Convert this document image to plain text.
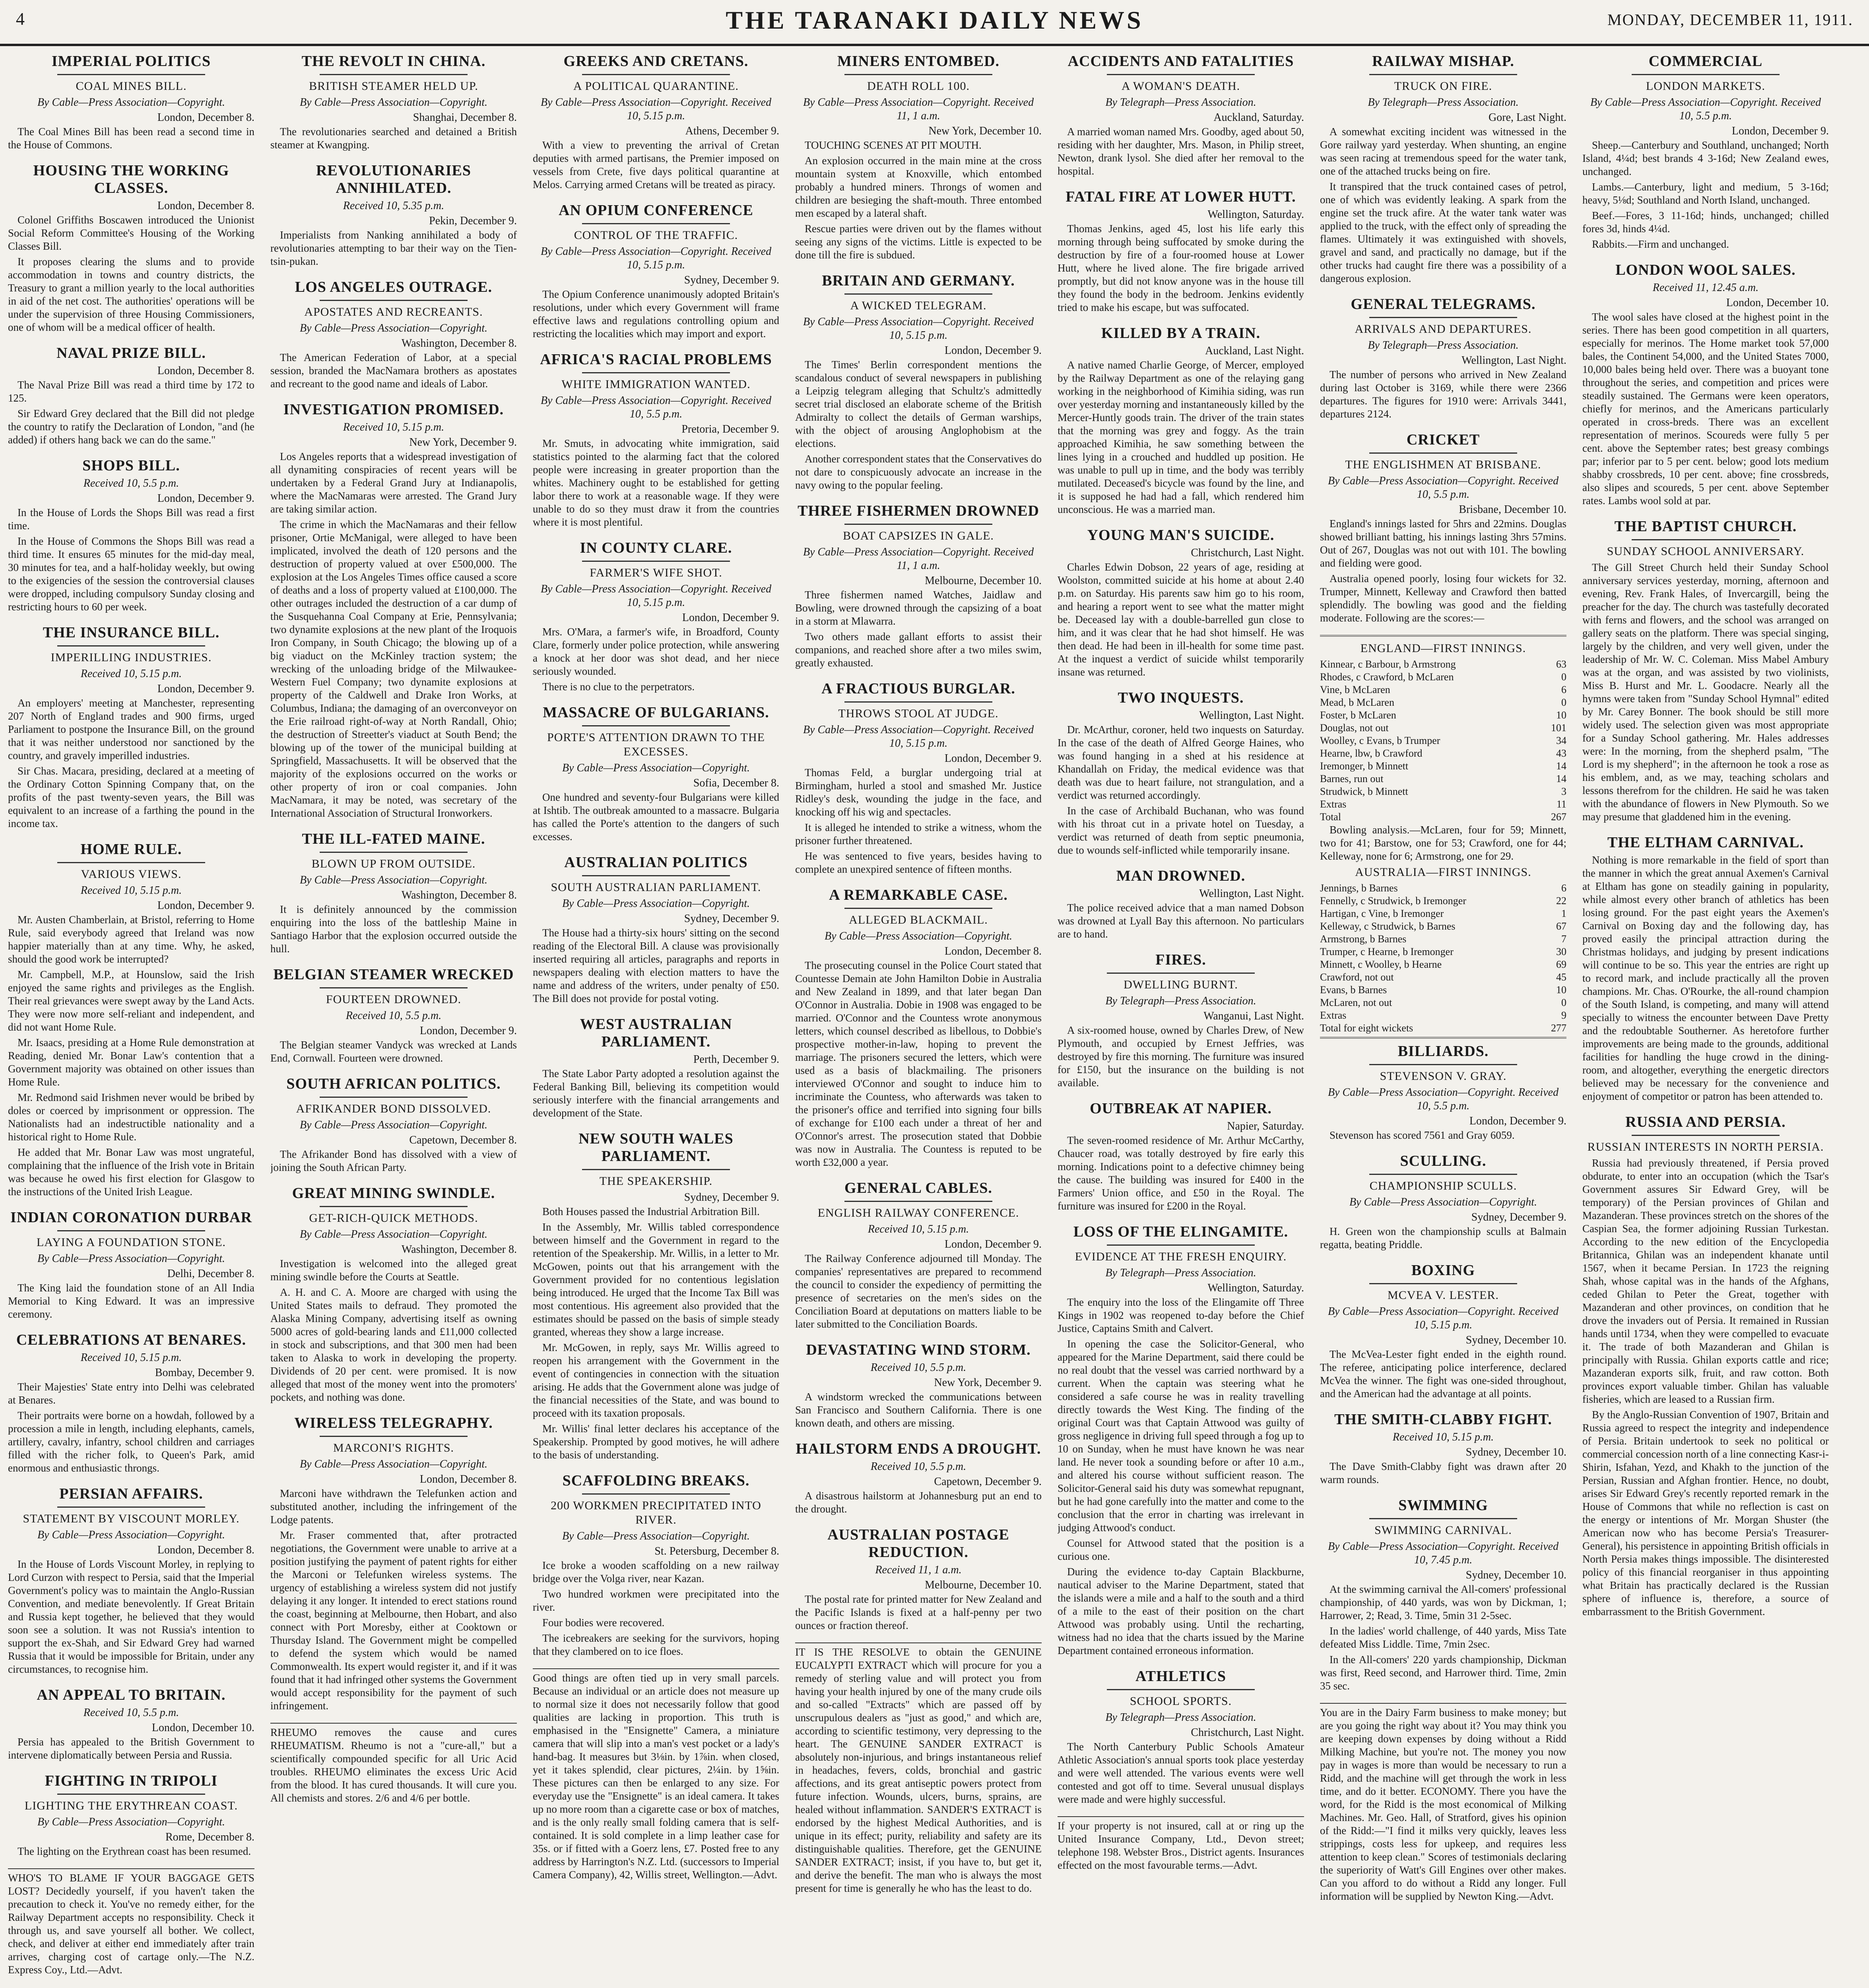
4	THE TARANAKI DAILY NEWS	MONDAY, DECEMBER 11, 1911.
IMPERIAL POLITICS
COAL MINES BILL.
By Cable—Press Association—Copyright.
London, December 8.

The Coal Mines Bill has been read a second time in the House of Commons.

HOUSING THE WORKING CLASSES.
London, December 8.

Colonel Griffiths Boscawen introduced the Unionist Social Reform Committee's Housing of the Working Classes Bill.

It proposes clearing the slums and to provide accommodation in towns and country districts, the Treasury to grant a million yearly to the local authorities in aid of the net cost. The authorities' operations will be under the supervision of three Housing Commissioners, one of whom will be a medical officer of health.

NAVAL PRIZE BILL.
London, December 8.

The Naval Prize Bill was read a third time by 172 to 125.

Sir Edward Grey declared that the Bill did not pledge the country to ratify the Declaration of London, "and (he added) if others hang back we can do the same."

SHOPS BILL.
Received 10, 5.5 p.m.
London, December 9.

In the House of Lords the Shops Bill was read a first time.

In the House of Commons the Shops Bill was read a third time. It ensures 65 minutes for the mid-day meal, 30 minutes for tea, and a half-holiday weekly, but owing to the exigencies of the session the controversial clauses were dropped, including compulsory Sunday closing and restricting hours to 60 per week.

THE INSURANCE BILL.
IMPERILLING INDUSTRIES.
Received 10, 5.15 p.m.
London, December 9.

An employers' meeting at Manchester, representing 207 North of England trades and 900 firms, urged Parliament to postpone the Insurance Bill, on the ground that it was neither understood nor sanctioned by the country, and gravely imperilled industries.

Sir Chas. Macara, presiding, declared at a meeting of the Ordinary Cotton Spinning Company that, on the profits of the past twenty-seven years, the Bill was equivalent to an increase of a farthing the pound in the income tax.

HOME RULE.
VARIOUS VIEWS.
Received 10, 5.15 p.m.
London, December 9.

Mr. Austen Chamberlain, at Bristol, referring to Home Rule, said everybody agreed that Ireland was now happier materially than at any time. Why, he asked, should the good work be interrupted?

Mr. Campbell, M.P., at Hounslow, said the Irish enjoyed the same rights and privileges as the English. Their real grievances were swept away by the Land Acts. They were now more self-reliant and independent, and did not want Home Rule.

Mr. Isaacs, presiding at a Home Rule demonstration at Reading, denied Mr. Bonar Law's contention that a Government majority was obtained on other issues than Home Rule.

Mr. Redmond said Irishmen never would be bribed by doles or coerced by imprisonment or oppression. The Nationalists had an indestructible nationality and a historical right to Home Rule.

He added that Mr. Bonar Law was most ungrateful, complaining that the influence of the Irish vote in Britain was because he owed his first election for Glasgow to the instructions of the United Irish League.

INDIAN CORONATION DURBAR
LAYING A FOUNDATION STONE.
By Cable—Press Association—Copyright.
Delhi, December 8.

The King laid the foundation stone of an All India Memorial to King Edward. It was an impressive ceremony.

CELEBRATIONS AT BENARES.
Received 10, 5.15 p.m.
Bombay, December 9.

Their Majesties' State entry into Delhi was celebrated at Benares.

Their portraits were borne on a howdah, followed by a procession a mile in length, including elephants, camels, artillery, cavalry, infantry, school children and carriages filled with the richer folk, to Queen's Park, amid enormous and enthusiastic throngs.

PERSIAN AFFAIRS.
STATEMENT BY VISCOUNT MORLEY.
By Cable—Press Association—Copyright.
London, December 8.

In the House of Lords Viscount Morley, in replying to Lord Curzon with respect to Persia, said that the Imperial Government's policy was to maintain the Anglo-Russian Convention, and mediate benevolently. If Great Britain and Russia kept together, he believed that they would soon see a solution. It was not Russia's intention to support the ex-Shah, and Sir Edward Grey had warned Russia that it would be impossible for Britain, under any circumstances, to recognise him.

AN APPEAL TO BRITAIN.
Received 10, 5.5 p.m.
London, December 10.

Persia has appealed to the British Government to intervene diplomatically between Persia and Russia.

FIGHTING IN TRIPOLI
LIGHTING THE ERYTHREAN COAST.
By Cable—Press Association—Copyright.
Rome, December 8.

The lighting on the Erythrean coast has been resumed.

WHO'S TO BLAME IF YOUR BAGGAGE GETS LOST? Decidedly yourself, if you haven't taken the precaution to check it. You've no remedy either, for the Railway Department accepts no responsibility. Check it through us, and save yourself all bother. We collect, check, and deliver at either end immediately after train arrives, charging cost of cartage only.—The N.Z. Express Coy., Ltd.—Advt.

THE REVOLT IN CHINA.
BRITISH STEAMER HELD UP.
By Cable—Press Association—Copyright.
Shanghai, December 8.

The revolutionaries searched and detained a British steamer at Kwangping.

REVOLUTIONARIES ANNIHILATED.
Received 10, 5.35 p.m.
Pekin, December 9.

Imperialists from Nanking annihilated a body of revolutionaries attempting to bar their way on the Tien-tsin-pukan.

LOS ANGELES OUTRAGE.
APOSTATES AND RECREANTS.
By Cable—Press Association—Copyright.
Washington, December 8.

The American Federation of Labor, at a special session, branded the MacNamara brothers as apostates and recreant to the good name and ideals of Labor.

INVESTIGATION PROMISED.
Received 10, 5.15 p.m.
New York, December 9.

Los Angeles reports that a widespread investigation of all dynamiting conspiracies of recent years will be undertaken by a Federal Grand Jury at Indianapolis, where the MacNamaras were arrested. The Grand Jury are taking similar action.

The crime in which the MacNamaras and their fellow prisoner, Ortie McManigal, were alleged to have been implicated, involved the death of 120 persons and the destruction of property valued at over £500,000. The explosion at the Los Angeles Times office caused a score of deaths and a loss of property valued at £100,000. The other outrages included the destruction of a car dump of the Susquehanna Coal Company at Erie, Pennsylvania; two dynamite explosions at the new plant of the Iroquois Iron Company, in South Chicago; the blowing up of a big viaduct on the McKinley traction system; the wrecking of the unloading bridge of the Milwaukee-Western Fuel Company; two dynamite explosions at property of the Caldwell and Drake Iron Works, at Columbus, Indiana; the damaging of an overconveyor on the Erie railroad right-of-way at North Randall, Ohio; the destruction of Streetter's viaduct at South Bend; the blowing up of the tower of the municipal building at Springfield, Massachusetts. It will be observed that the majority of the explosions occurred on the works or other property of iron or coal companies. John MacNamara, it may be noted, was secretary of the International Association of Structural Ironworkers.

THE ILL-FATED MAINE.
BLOWN UP FROM OUTSIDE.
By Cable—Press Association—Copyright.
Washington, December 8.

It is definitely announced by the commission enquiring into the loss of the battleship Maine in Santiago Harbor that the explosion occurred outside the hull.

BELGIAN STEAMER WRECKED
FOURTEEN DROWNED.
Received 10, 5.5 p.m.
London, December 9.

The Belgian steamer Vandyck was wrecked at Lands End, Cornwall. Fourteen were drowned.

SOUTH AFRICAN POLITICS.
AFRIKANDER BOND DISSOLVED.
By Cable—Press Association—Copyright.
Capetown, December 8.

The Afrikander Bond has dissolved with a view of joining the South African Party.

GREAT MINING SWINDLE.
GET-RICH-QUICK METHODS.
By Cable—Press Association—Copyright.
Washington, December 8.

Investigation is welcomed into the alleged great mining swindle before the Courts at Seattle.

A. H. and C. A. Moore are charged with using the United States mails to defraud. They promoted the Alaska Mining Company, advertising itself as owning 5000 acres of gold-bearing lands and £11,000 collected in stock and subscriptions, and that 300 men had been taken to Alaska to work in developing the property. Dividends of 20 per cent. were promised. It is now alleged that most of the money went into the promoters' pockets, and nothing was done.

WIRELESS TELEGRAPHY.
MARCONI'S RIGHTS.
By Cable—Press Association—Copyright.
London, December 8.

Marconi have withdrawn the Telefunken action and substituted another, including the infringement of the Lodge patents.

Mr. Fraser commented that, after protracted negotiations, the Government were unable to arrive at a position justifying the payment of patent rights for either the Marconi or Telefunken wireless systems. The urgency of establishing a wireless system did not justify delaying it any longer. It intended to erect stations round the coast, beginning at Melbourne, then Hobart, and also connect with Port Moresby, either at Cooktown or Thursday Island. The Government might be compelled to defend the system which would be named Commonwealth. Its expert would register it, and if it was found that it had infringed other systems the Government would accept responsibility for the payment of such infringement.

RHEUMO removes the cause and cures RHEUMATISM. Rheumo is not a "cure-all," but a scientifically compounded specific for all Uric Acid troubles. RHEUMO eliminates the excess Uric Acid from the blood. It has cured thousands. It will cure you. All chemists and stores. 2/6 and 4/6 per bottle.

GREEKS AND CRETANS.
A POLITICAL QUARANTINE.
By Cable—Press Association—Copyright. Received 10, 5.15 p.m.
Athens, December 9.

With a view to preventing the arrival of Cretan deputies with armed partisans, the Premier imposed on vessels from Crete, five days political quarantine at Melos. Carrying armed Cretans will be treated as piracy.

AN OPIUM CONFERENCE
CONTROL OF THE TRAFFIC.
By Cable—Press Association—Copyright. Received 10, 5.15 p.m.
Sydney, December 9.

The Opium Conference unanimously adopted Britain's resolutions, under which every Government will frame effective laws and regulations controlling opium and restricting the localities which may import and export.

AFRICA'S RACIAL PROBLEMS
WHITE IMMIGRATION WANTED.
By Cable—Press Association—Copyright. Received 10, 5.5 p.m.
Pretoria, December 9.

Mr. Smuts, in advocating white immigration, said statistics pointed to the alarming fact that the colored people were increasing in greater proportion than the whites. Machinery ought to be established for getting labor there to work at a reasonable wage. If they were unable to do so they must draw it from the countries where it is most plentiful.

IN COUNTY CLARE.
FARMER'S WIFE SHOT.
By Cable—Press Association—Copyright. Received 10, 5.15 p.m.
London, December 9.

Mrs. O'Mara, a farmer's wife, in Broadford, County Clare, formerly under police protection, while answering a knock at her door was shot dead, and her niece seriously wounded.

There is no clue to the perpetrators.

MASSACRE OF BULGARIANS.
PORTE'S ATTENTION DRAWN TO THE EXCESSES.
By Cable—Press Association—Copyright.
Sofia, December 8.

One hundred and seventy-four Bulgarians were killed at Ishtib. The outbreak amounted to a massacre. Bulgaria has called the Porte's attention to the dangers of such excesses.

AUSTRALIAN POLITICS
SOUTH AUSTRALIAN PARLIAMENT.
By Cable—Press Association—Copyright.
Sydney, December 9.

The House had a thirty-six hours' sitting on the second reading of the Electoral Bill. A clause was provisionally inserted requiring all articles, paragraphs and reports in newspapers dealing with election matters to have the name and address of the writers, under penalty of £50. The Bill does not provide for postal voting.

WEST AUSTRALIAN PARLIAMENT.
Perth, December 9.

The State Labor Party adopted a resolution against the Federal Banking Bill, believing its competition would seriously interfere with the financial arrangements and development of the State.

NEW SOUTH WALES PARLIAMENT.
THE SPEAKERSHIP.
Sydney, December 9.

Both Houses passed the Industrial Arbitration Bill.

In the Assembly, Mr. Willis tabled correspondence between himself and the Government in regard to the retention of the Speakership. Mr. Willis, in a letter to Mr. McGowen, points out that his arrangement with the Government provided for no contentious legislation being introduced. He urged that the Income Tax Bill was most contentious. His agreement also provided that the estimates should be passed on the basis of simple steady granted, whereas they show a large increase.

Mr. McGowen, in reply, says Mr. Willis agreed to reopen his arrangement with the Government in the event of contingencies in connection with the situation arising. He adds that the Government alone was judge of the financial necessities of the State, and was bound to proceed with its taxation proposals.

Mr. Willis' final letter declares his acceptance of the Speakership. Prompted by good motives, he will adhere to the basis of understanding.

SCAFFOLDING BREAKS.
200 WORKMEN PRECIPITATED INTO RIVER.
By Cable—Press Association—Copyright.
St. Petersburg, December 8.

Ice broke a wooden scaffolding on a new railway bridge over the Volga river, near Kazan.

Two hundred workmen were precipitated into the river.

Four bodies were recovered.

The icebreakers are seeking for the survivors, hoping that they clambered on to ice floes.

Good things are often tied up in very small parcels. Because an individual or an article does not measure up to normal size it does not necessarily follow that good qualities are lacking in proportion. This truth is emphasised in the "Ensignette" Camera, a miniature camera that will slip into a man's vest pocket or a lady's hand-bag. It measures but 3⅛in. by 1⅞in. when closed, yet it takes splendid, clear pictures, 2¼in. by 1⅝in. These pictures can then be enlarged to any size. For everyday use the "Ensignette" is an ideal camera. It takes up no more room than a cigarette case or box of matches, and is the only really small folding camera that is self-contained. It is sold complete in a limp leather case for 35s. or if fitted with a Goerz lens, £7. Posted free to any address by Harrington's N.Z. Ltd. (successors to Imperial Camera Company), 42, Willis street, Wellington.—Advt.

MINERS ENTOMBED.
DEATH ROLL 100.
By Cable—Press Association—Copyright. Received 11, 1 a.m.
New York, December 10.

TOUCHING SCENES AT PIT MOUTH.

An explosion occurred in the main mine at the cross mountain system at Knoxville, which entombed probably a hundred miners. Throngs of women and children are besieging the shaft-mouth. Three entombed men escaped by a lateral shaft.

Rescue parties were driven out by the flames without seeing any signs of the victims. Little is expected to be done till the fire is subdued.

BRITAIN AND GERMANY.
A WICKED TELEGRAM.
By Cable—Press Association—Copyright. Received 10, 5.15 p.m.
London, December 9.

The Times' Berlin correspondent mentions the scandalous conduct of several newspapers in publishing a Leipzig telegram alleging that Schultz's admittedly secret trial disclosed an elaborate scheme of the British Admiralty to collect the details of German warships, with the object of arousing Anglophobism at the elections.

Another correspondent states that the Conservatives do not dare to conspicuously advocate an increase in the navy owing to the popular feeling.

THREE FISHERMEN DROWNED
BOAT CAPSIZES IN GALE.
By Cable—Press Association—Copyright. Received 11, 1 a.m.
Melbourne, December 10.

Three fishermen named Watches, Jaidlaw and Bowling, were drowned through the capsizing of a boat in a storm at Mlawarra.

Two others made gallant efforts to assist their companions, and reached shore after a two miles swim, greatly exhausted.

A FRACTIOUS BURGLAR.
THROWS STOOL AT JUDGE.
By Cable—Press Association—Copyright. Received 10, 5.15 p.m.
London, December 9.

Thomas Feld, a burglar undergoing trial at Birmingham, hurled a stool and smashed Mr. Justice Ridley's desk, wounding the judge in the face, and knocking off his wig and spectacles.

It is alleged he intended to strike a witness, whom the prisoner further threatened.

He was sentenced to five years, besides having to complete an unexpired sentence of fifteen months.

A REMARKABLE CASE.
ALLEGED BLACKMAIL.
By Cable—Press Association—Copyright.
London, December 8.

The prosecuting counsel in the Police Court stated that Countesse Demain ate John Hamilton Dobie in Australia and New Zealand in 1899, and that later began Dan O'Connor in Australia. Dobie in 1908 was engaged to be married. O'Connor and the Countess wrote anonymous letters, which counsel described as libellous, to Dobbie's prospective mother-in-law, hoping to prevent the marriage. The prisoners secured the letters, which were used as a basis of blackmailing. The prisoners interviewed O'Connor and sought to induce him to incriminate the Countess, who afterwards was taken to the prisoner's office and terrified into signing four bills of exchange for £100 each under a threat of her and O'Connor's arrest. The prosecution stated that Dobbie was now in Australia. The Countess is reputed to be worth £32,000 a year.

GENERAL CABLES.
ENGLISH RAILWAY CONFERENCE.
Received 10, 5.15 p.m.
London, December 9.

The Railway Conference adjourned till Monday. The companies' representatives are prepared to recommend the council to consider the expediency of permitting the presence of secretaries on the men's sides on the Conciliation Board at deputations on matters liable to be later submitted to the Conciliation Boards.

DEVASTATING WIND STORM.
Received 10, 5.5 p.m.
New York, December 9.

A windstorm wrecked the communications between San Francisco and Southern California. There is one known death, and others are missing.

HAILSTORM ENDS A DROUGHT.
Received 10, 5.5 p.m.
Capetown, December 9.

A disastrous hailstorm at Johannesburg put an end to the drought.

AUSTRALIAN POSTAGE REDUCTION.
Received 11, 1 a.m.
Melbourne, December 10.

The postal rate for printed matter for New Zealand and the Pacific Islands is fixed at a half-penny per two ounces or fraction thereof.

IT IS THE RESOLVE to obtain the GENUINE EUCALYPTI EXTRACT which will procure for you a remedy of sterling value and will protect you from having your health injured by one of the many crude oils and so-called "Extracts" which are passed off by unscrupulous dealers as "just as good," and which are, according to scientific testimony, very depressing to the heart. The GENUINE SANDER EXTRACT is absolutely non-injurious, and brings instantaneous relief in headaches, fevers, colds, bronchial and gastric affections, and its great antiseptic powers protect from future infection. Wounds, ulcers, burns, sprains, are healed without inflammation. SANDER'S EXTRACT is endorsed by the highest Medical Authorities, and is unique in its effect; purity, reliability and safety are its distinguishable qualities. Therefore, get the GENUINE SANDER EXTRACT; insist, if you have to, but get it, and derive the benefit. The man who is always the most present for time is generally he who has the least to do.

ACCIDENTS AND FATALITIES
A WOMAN'S DEATH.
By Telegraph—Press Association.
Auckland, Saturday.

A married woman named Mrs. Goodby, aged about 50, residing with her daughter, Mrs. Mason, in Philip street, Newton, drank lysol. She died after her removal to the hospital.

FATAL FIRE AT LOWER HUTT.
Wellington, Saturday.

Thomas Jenkins, aged 45, lost his life early this morning through being suffocated by smoke during the destruction by fire of a four-roomed house at Lower Hutt, where he lived alone. The fire brigade arrived promptly, but did not know anyone was in the house till they found the body in the bedroom. Jenkins evidently tried to make his escape, but was suffocated.

KILLED BY A TRAIN.
Auckland, Last Night.

A native named Charlie George, of Mercer, employed by the Railway Department as one of the relaying gang working in the neighborhood of Kimihia siding, was run over yesterday morning and instantaneously killed by the Mercer-Huntly goods train. The driver of the train states that the morning was grey and foggy. As the train approached Kimihia, he saw something between the lines lying in a crouched and huddled up position. He was unable to pull up in time, and the body was terribly mutilated. Deceased's bicycle was found by the line, and it is supposed he had had a fall, which rendered him unconscious. He was a married man.

YOUNG MAN'S SUICIDE.
Christchurch, Last Night.

Charles Edwin Dobson, 22 years of age, residing at Woolston, committed suicide at his home at about 2.40 p.m. on Saturday. His parents saw him go to his room, and hearing a report went to see what the matter might be. Deceased lay with a double-barrelled gun close to him, and it was clear that he had shot himself. He was then dead. He had been in ill-health for some time past. At the inquest a verdict of suicide whilst temporarily insane was returned.

TWO INQUESTS.
Wellington, Last Night.

Dr. McArthur, coroner, held two inquests on Saturday. In the case of the death of Alfred George Haines, who was found hanging in a shed at his residence at Khandallah on Friday, the medical evidence was that death was due to heart failure, not strangulation, and a verdict was returned accordingly.

In the case of Archibald Buchanan, who was found with his throat cut in a private hotel on Tuesday, a verdict was returned of death from septic pneumonia, due to wounds self-inflicted while temporarily insane.

MAN DROWNED.
Wellington, Last Night.

The police received advice that a man named Dobson was drowned at Lyall Bay this afternoon. No particulars are to hand.

FIRES.
DWELLING BURNT.
By Telegraph—Press Association.
Wanganui, Last Night.

A six-roomed house, owned by Charles Drew, of New Plymouth, and occupied by Ernest Jeffries, was destroyed by fire this morning. The furniture was insured for £150, but the insurance on the building is not available.

OUTBREAK AT NAPIER.
Napier, Saturday.

The seven-roomed residence of Mr. Arthur McCarthy, Chaucer road, was totally destroyed by fire early this morning. Indications point to a defective chimney being the cause. The building was insured for £400 in the Farmers' Union office, and £50 in the Royal. The furniture was insured for £200 in the Royal.

LOSS OF THE ELINGAMITE.
EVIDENCE AT THE FRESH ENQUIRY.
By Telegraph—Press Association.
Wellington, Saturday.

The enquiry into the loss of the Elingamite off Three Kings in 1902 was reopened to-day before the Chief Justice, Captains Smith and Calvert.

In opening the case the Solicitor-General, who appeared for the Marine Department, said there could be no real doubt that the vessel was carried northward by a current. When the captain was steering what he considered a safe course he was in reality travelling directly towards the West King. The finding of the original Court was that Captain Attwood was guilty of gross negligence in driving full speed through a fog up to 10 on Sunday, when he must have known he was near land. He never took a sounding before or after 10 a.m., and altered his course without sufficient reason. The Solicitor-General said his duty was somewhat repugnant, but he had gone carefully into the matter and come to the conclusion that the error in charting was irrelevant in judging Attwood's conduct.

Counsel for Attwood stated that the position is a curious one.

During the evidence to-day Captain Blackburne, nautical adviser to the Marine Department, stated that the islands were a mile and a half to the south and a third of a mile to the east of their position on the chart Attwood was probably using. Until the recharting, witness had no idea that the charts issued by the Marine Department contained erroneous information.

ATHLETICS
SCHOOL SPORTS.
By Telegraph—Press Association.
Christchurch, Last Night.

The North Canterbury Public Schools Amateur Athletic Association's annual sports took place yesterday and were well attended. The various events were well contested and got off to time. Several unusual displays were made and were highly successful.

If your property is not insured, call at or ring up the United Insurance Company, Ltd., Devon street; telephone 198. Webster Bros., District agents. Insurances effected on the most favourable terms.—Advt.

RAILWAY MISHAP.
TRUCK ON FIRE.
By Telegraph—Press Association.
Gore, Last Night.

A somewhat exciting incident was witnessed in the Gore railway yard yesterday. When shunting, an engine was seen racing at tremendous speed for the water tank, one of the attached trucks being on fire.

It transpired that the truck contained cases of petrol, one of which was evidently leaking. A spark from the engine set the truck afire. At the water tank water was applied to the truck, with the effect only of spreading the flames. Ultimately it was extinguished with shovels, gravel and sand, and practically no damage, but if the other trucks had caught fire there was a possibility of a dangerous explosion.

GENERAL TELEGRAMS.
ARRIVALS AND DEPARTURES.
By Telegraph—Press Association.
Wellington, Last Night.

The number of persons who arrived in New Zealand during last October is 3169, while there were 2366 departures. The figures for 1910 were: Arrivals 3441, departures 2124.

CRICKET
THE ENGLISHMEN AT BRISBANE.
By Cable—Press Association—Copyright. Received 10, 5.5 p.m.
Brisbane, December 10.

England's innings lasted for 5hrs and 22mins. Douglas showed brilliant batting, his innings lasting 3hrs 57mins. Out of 267, Douglas was not out with 101. The bowling and fielding were good.

Australia opened poorly, losing four wickets for 32. Trumper, Minnett, Kelleway and Crawford then batted splendidly. The bowling was good and the fielding moderate. Following are the scores:—

ENGLAND—FIRST INNINGS.
Kinnear, c Barbour, b Armstrong	63
Rhodes, c Crawford, b McLaren	0
Vine, b McLaren	6
Mead, b McLaren	0
Foster, b McLaren	10
Douglas, not out	101
Woolley, c Evans, b Trumper	34
Hearne, lbw, b Crawford	43
Iremonger, b Minnett	14
Barnes, run out	14
Strudwick, b Minnett	3
Extras	11
Total	267

Bowling analysis.—McLaren, four for 59; Minnett, two for 41; Barstow, one for 53; Crawford, one for 44; Kelleway, none for 6; Armstrong, one for 29.

AUSTRALIA—FIRST INNINGS.
Jennings, b Barnes	6
Fennelly, c Strudwick, b Iremonger	22
Hartigan, c Vine, b Iremonger	1
Kelleway, c Strudwick, b Barnes	67
Armstrong, b Barnes	7
Trumper, c Hearne, b Iremonger	30
Minnett, c Woolley, b Hearne	69
Crawford, not out	45
Evans, b Barnes	10
McLaren, not out	0
Extras	9
Total for eight wickets	277
BILLIARDS.
STEVENSON V. GRAY.
By Cable—Press Association—Copyright. Received 10, 5.5 p.m.
London, December 9.

Stevenson has scored 7561 and Gray 6059.

SCULLING.
CHAMPIONSHIP SCULLS.
By Cable—Press Association—Copyright.
Sydney, December 9.

H. Green won the championship sculls at Balmain regatta, beating Priddle.

BOXING
MCVEA V. LESTER.
By Cable—Press Association—Copyright. Received 10, 5.15 p.m.
Sydney, December 10.

The McVea-Lester fight ended in the eighth round. The referee, anticipating police interference, declared McVea the winner. The fight was one-sided throughout, and the American had the advantage at all points.

THE SMITH-CLABBY FIGHT.
Received 10, 5.15 p.m.
Sydney, December 10.

The Dave Smith-Clabby fight was drawn after 20 warm rounds.

SWIMMING
SWIMMING CARNIVAL.
By Cable—Press Association—Copyright. Received 10, 7.45 p.m.
Sydney, December 10.

At the swimming carnival the All-comers' professional championship, of 440 yards, was won by Dickman, 1; Harrower, 2; Read, 3. Time, 5min 31 2-5sec.

In the ladies' world challenge, of 440 yards, Miss Tate defeated Miss Liddle. Time, 7min 2sec.

In the All-comers' 220 yards championship, Dickman was first, Reed second, and Harrower third. Time, 2min 35 sec.

You are in the Dairy Farm business to make money; but are you going the right way about it? You may think you are keeping down expenses by doing without a Ridd Milking Machine, but you're not. The money you now pay in wages is more than would be necessary to run a Ridd, and the machine will get through the work in less time, and do it better. ECONOMY. There you have the word, for the Ridd is the most economical of Milking Machines. Mr. Geo. Hall, of Stratford, gives his opinion of the Ridd:—"I find it milks very quickly, leaves less strippings, costs less for upkeep, and requires less attention to keep clean." Scores of testimonials declaring the superiority of Watt's Gill Engines over other makes. Can you afford to do without a Ridd any longer. Full information will be supplied by Newton King.—Advt.

COMMERCIAL
LONDON MARKETS.
By Cable—Press Association—Copyright. Received 10, 5.5 p.m.
London, December 9.

Sheep.—Canterbury and Southland, unchanged; North Island, 4¼d; best brands 4 3-16d; New Zealand ewes, unchanged.

Lambs.—Canterbury, light and medium, 5 3-16d; heavy, 5⅛d; Southland and North Island, unchanged.

Beef.—Fores, 3 11-16d; hinds, unchanged; chilled fores 3d, hinds 4¼d.

Rabbits.—Firm and unchanged.

LONDON WOOL SALES.
Received 11, 12.45 a.m.
London, December 10.

The wool sales have closed at the highest point in the series. There has been good competition in all quarters, especially for merinos. The Home market took 57,000 bales, the Continent 54,000, and the United States 7000, 10,000 bales being held over. There was a buoyant tone throughout the series, and competition and prices were steadily sustained. The Germans were keen operators, chiefly for merinos, and the Americans particularly operated in cross-breds. There was an excellent representation of merinos. Scoureds were fully 5 per cent. above the September rates; best greasy combings par; inferior par to 5 per cent. below; good lots medium shabby crossbreds, 10 per cent. above; fine crossbreds, also slipes and scoureds, 5 per cent. above September rates. Lambs wool sold at par.

THE BAPTIST CHURCH.
SUNDAY SCHOOL ANNIVERSARY.

The Gill Street Church held their Sunday School anniversary services yesterday, morning, afternoon and evening, Rev. Frank Hales, of Invercargill, being the preacher for the day. The church was tastefully decorated with ferns and flowers, and the school was arranged on gallery seats on the platform. There was special singing, largely by the children, and very well given, under the leadership of Mr. W. C. Coleman. Miss Mabel Ambury was at the organ, and was assisted by two violinists, Miss B. Hurst and Mr. L. Goodacre. Nearly all the hymns were taken from "Sunday School Hymnal" edited by Mr. Carey Bonner. The book should be still more widely used. The selection given was most appropriate for a Sunday School gathering. Mr. Hales addresses were: In the morning, from the shepherd psalm, "The Lord is my shepherd"; in the afternoon he took a rose as his emblem, and, as we may, teaching scholars and lessons therefrom for the children. He said he was taken with the abundance of flowers in New Plymouth. So we may presume that gladdened him in the evening.

THE ELTHAM CARNIVAL.

Nothing is more remarkable in the field of sport than the manner in which the great annual Axemen's Carnival at Eltham has gone on steadily gaining in popularity, while almost every other branch of athletics has been losing ground. For the past eight years the Axemen's Carnival on Boxing day and the following day, has proved easily the principal attraction during the Christmas holidays, and judging by present indications will continue to be so. This year the entries are right up to record mark, and include practically all the proven champions. Mr. Chas. O'Rourke, the all-round champion of the South Island, is competing, and many will attend specially to witness the encounter between Dave Pretty and the redoubtable Southerner. As heretofore further improvements are being made to the grounds, additional facilities for handling the huge crowd in the dining-room, and altogether, everything the energetic directors believed may be necessary for the convenience and enjoyment of competitor or patron has been attended to.

RUSSIA AND PERSIA.
RUSSIAN INTERESTS IN NORTH PERSIA.

Russia had previously threatened, if Persia proved obdurate, to enter into an occupation (which the Tsar's Government assures Sir Edward Grey, will be temporary) of the Persian provinces of Ghilan and Mazanderan. These provinces stretch on the shores of the Caspian Sea, the former adjoining Russian Turkestan. According to the new edition of the Encyclopedia Britannica, Ghilan was an independent khanate until 1567, when it became Persian. In 1723 the reigning Shah, whose capital was in the hands of the Afghans, ceded Ghilan to Peter the Great, together with Mazanderan and other provinces, on condition that he drove the invaders out of Persia. It remained in Russian hands until 1734, when they were compelled to evacuate it. The trade of both Mazanderan and Ghilan is principally with Russia. Ghilan exports cattle and rice; Mazanderan exports silk, fruit, and raw cotton. Both provinces export valuable timber. Ghilan has valuable fisheries, which are leased to a Russian firm.

By the Anglo-Russian Convention of 1907, Britain and Russia agreed to respect the integrity and independence of Persia. Britain undertook to seek no political or commercial concession north of a line connecting Kasr-i-Shirin, Isfahan, Yezd, and Khakh to the junction of the Persian, Russian and Afghan frontier. Hence, no doubt, arises Sir Edward Grey's recently reported remark in the House of Commons that while no reflection is cast on the energy or intentions of Mr. Morgan Shuster (the American now who has become Persia's Treasurer-General), his persistence in appointing British officials in North Persia makes things impossible. The disinterested policy of this financial reorganiser in thus appointing what Britain has practically declared is the Russian sphere of influence is, therefore, a source of embarrassment to the British Government.
